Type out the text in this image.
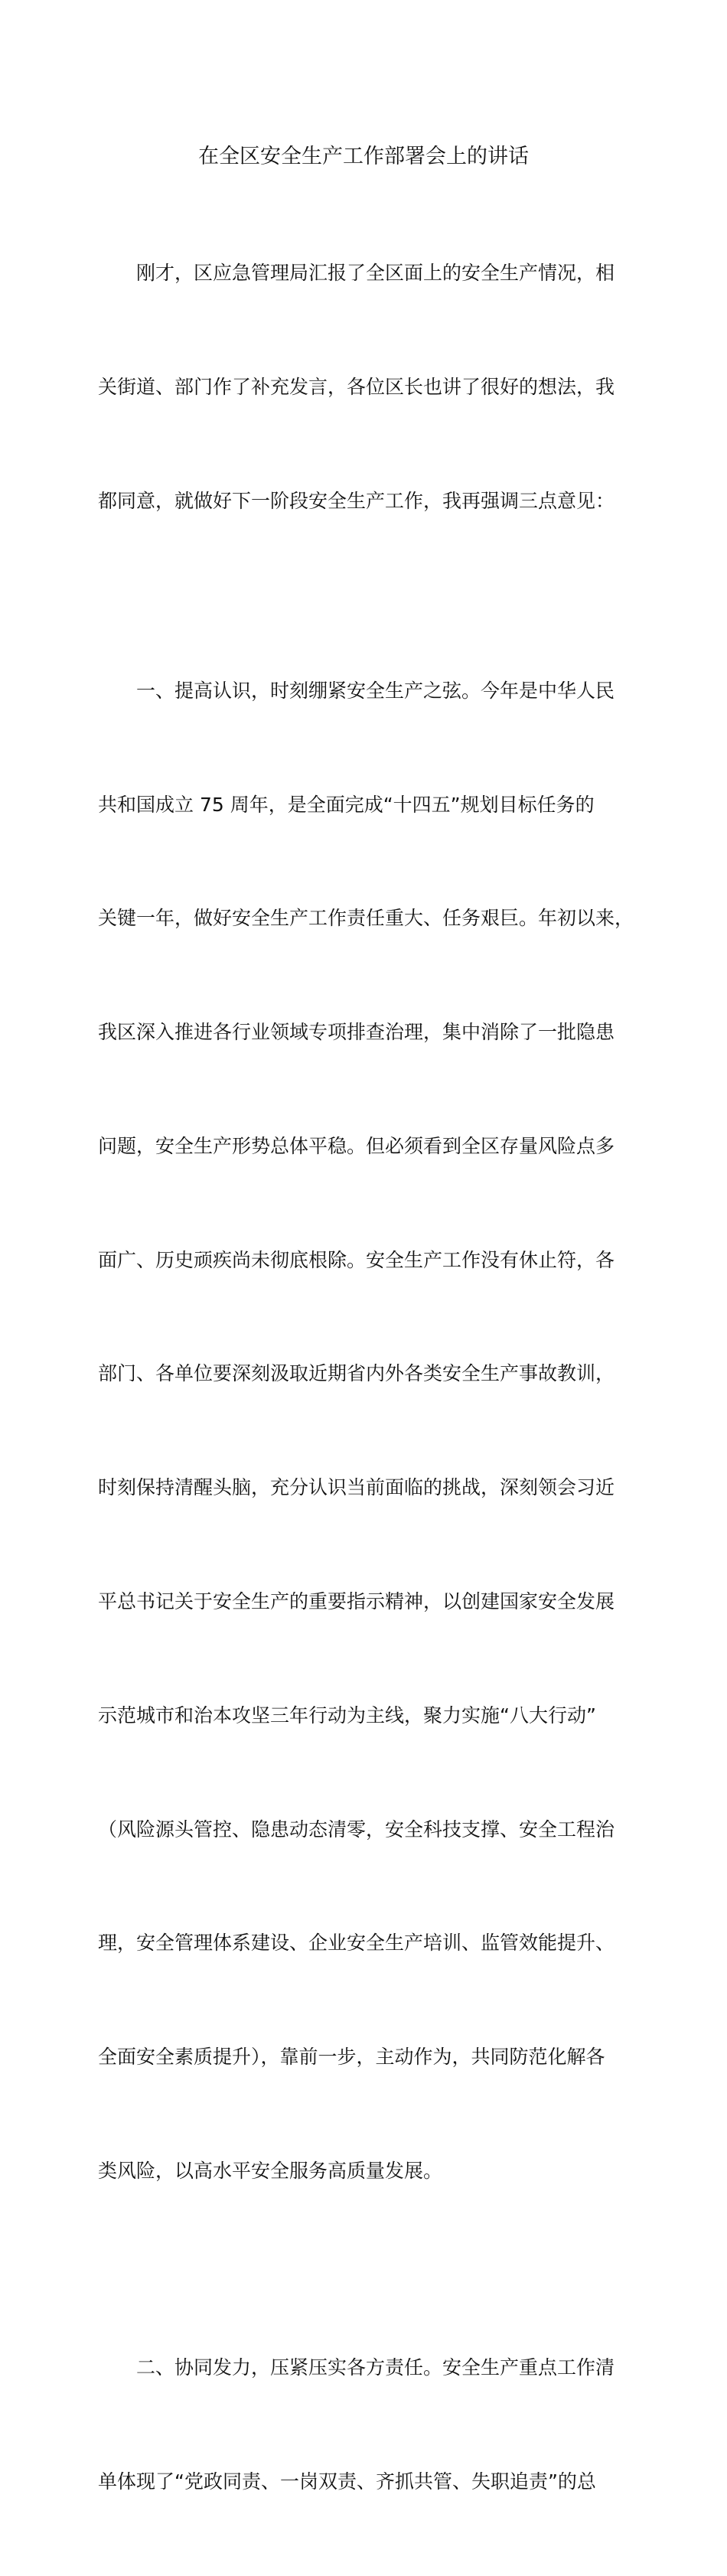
在全区安全生产工作部署会上的讲话

刚才，区应急管理局汇报了全区面上的安全生产情况，相

关街道、部门作了补充发言，各位区长也讲了很好的想法，我

都同意，就做好下一阶段安全生产工作，我再强调三点意见：

一、提高认识，时刻绷紧安全生产之弦。今年是中华人民

共和国成立 75 周年，是全面完成“十四五”规划目标任务的

关键一年，做好安全生产工作责任重大、任务艰巨。年初以来，

我区深入推进各行业领域专项排查治理，集中消除了一批隐患

问题，安全生产形势总体平稳。但必须看到全区存量风险点多

面广、历史顽疾尚未彻底根除。安全生产工作没有休止符，各

部门、各单位要深刻汲取近期省内外各类安全生产事故教训，

时刻保持清醒头脑，充分认识当前面临的挑战，深刻领会习近

平总书记关于安全生产的重要指示精神，以创建国家安全发展

示范城市和治本攻坚三年行动为主线，聚力实施“八大行动”

（风险源头管控、隐患动态清零，安全科技支撑、安全工程治

理，安全管理体系建设、企业安全生产培训、监管效能提升、

全面安全素质提升），靠前一步，主动作为，共同防范化解各

类风险，以高水平安全服务高质量发展。

二、协同发力，压紧压实各方责任。安全生产重点工作清

单体现了“党政同责、一岗双责、齐抓共管、失职追责”的总
